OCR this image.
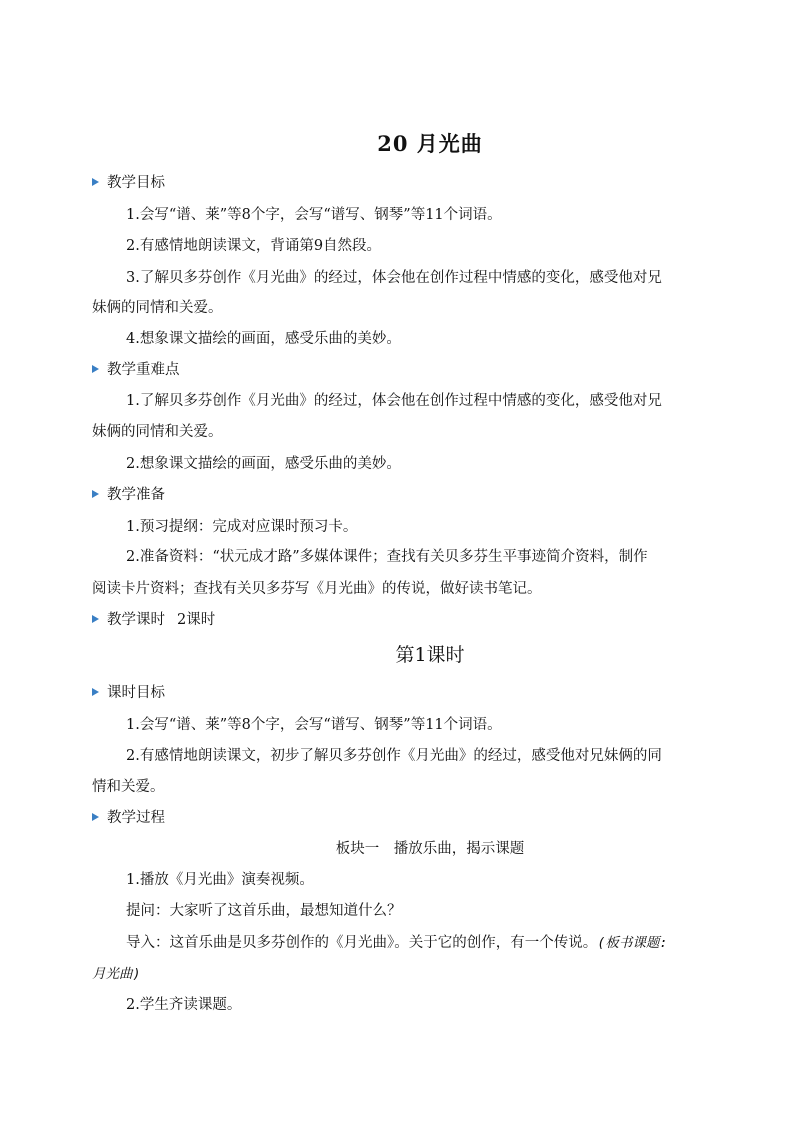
20 月光曲
教学目标
1.会写“谱、莱”等8个字，会写“谱写、钢琴”等11个词语。
2.有感情地朗读课文，背诵第9自然段。
3.了解贝多芬创作《月光曲》的经过，体会他在创作过程中情感的变化，感受他对兄
妹俩的同情和关爱。
4.想象课文描绘的画面，感受乐曲的美妙。
教学重难点
1.了解贝多芬创作《月光曲》的经过，体会他在创作过程中情感的变化，感受他对兄
妹俩的同情和关爱。
2.想象课文描绘的画面，感受乐曲的美妙。
教学准备
1.预习提纲：完成对应课时预习卡。
2.准备资料：“状元成才路”多媒体课件；查找有关贝多芬生平事迹简介资料，制作
阅读卡片资料；查找有关贝多芬写《月光曲》的传说，做好读书笔记。
教学课时 2课时
第1课时
课时目标
1.会写“谱、莱”等8个字，会写“谱写、钢琴”等11个词语。
2.有感情地朗读课文，初步了解贝多芬创作《月光曲》的经过，感受他对兄妹俩的同
情和关爱。
教学过程
板块一　播放乐曲，揭示课题
1.播放《月光曲》演奏视频。
提问：大家听了这首乐曲，最想知道什么？
导入：这首乐曲是贝多芬创作的《月光曲》。关于它的创作，有一个传说。(板书课题:
月光曲)
2.学生齐读课题。
